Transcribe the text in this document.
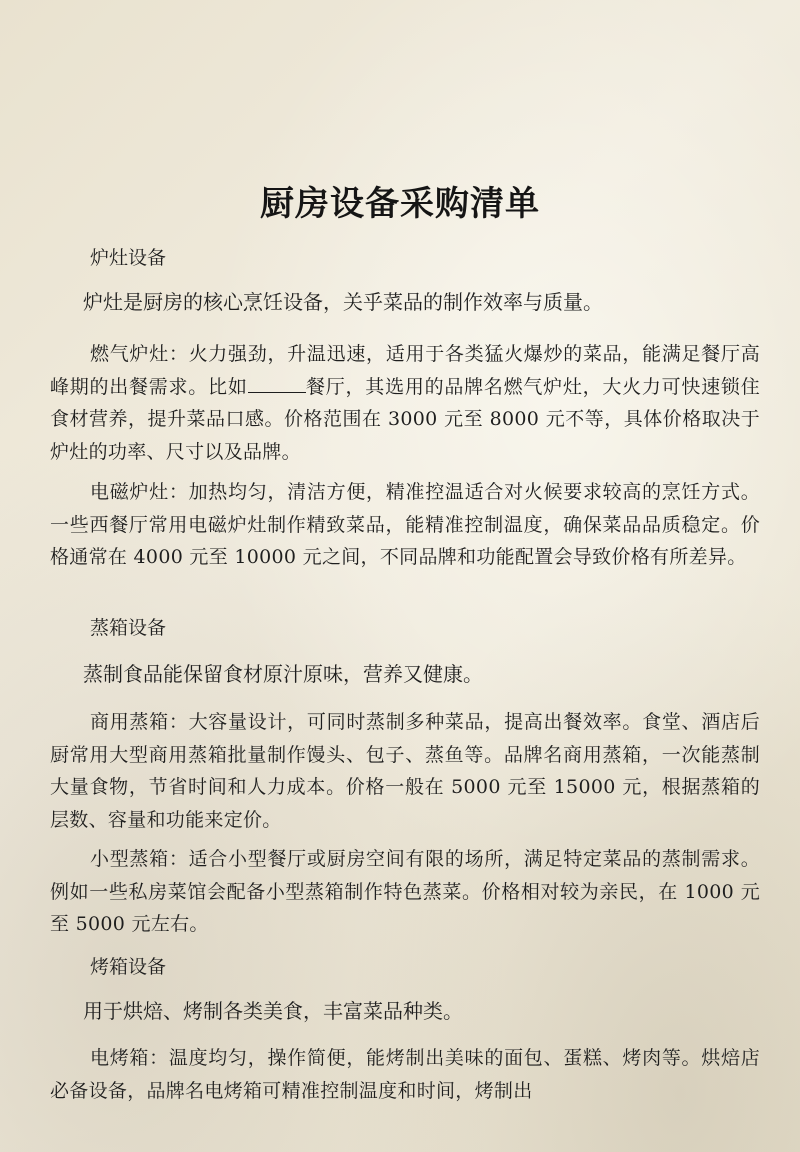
厨房设备采购清单
炉灶设备
炉灶是厨房的核心烹饪设备，关乎菜品的制作效率与质量。
燃气炉灶：火力强劲，升温迅速，适用于各类猛火爆炒的菜品，能满足餐厅高峰期的出餐需求。比如	餐厅，其选用的品牌名燃气炉灶，大火力可快速锁住食材营养，提升菜品口感。价格范围在 3000 元至 8000 元不等，具体价格取决于炉灶的功率、尺寸以及品牌。
电磁炉灶：加热均匀，清洁方便，精准控温适合对火候要求较高的烹饪方式。一些西餐厅常用电磁炉灶制作精致菜品，能精准控制温度，确保菜品品质稳定。价格通常在 4000 元至 10000 元之间，不同品牌和功能配置会导致价格有所差异。
蒸箱设备
蒸制食品能保留食材原汁原味，营养又健康。
商用蒸箱：大容量设计，可同时蒸制多种菜品，提高出餐效率。食堂、酒店后厨常用大型商用蒸箱批量制作馒头、包子、蒸鱼等。品牌名商用蒸箱，一次能蒸制大量食物，节省时间和人力成本。价格一般在 5000 元至 15000 元，根据蒸箱的层数、容量和功能来定价。
小型蒸箱：适合小型餐厅或厨房空间有限的场所，满足特定菜品的蒸制需求。例如一些私房菜馆会配备小型蒸箱制作特色蒸菜。价格相对较为亲民，在 1000 元至 5000 元左右。
烤箱设备
用于烘焙、烤制各类美食，丰富菜品种类。
电烤箱：温度均匀，操作简便，能烤制出美味的面包、蛋糕、烤肉等。烘焙店必备设备，品牌名电烤箱可精准控制温度和时间，烤制出
